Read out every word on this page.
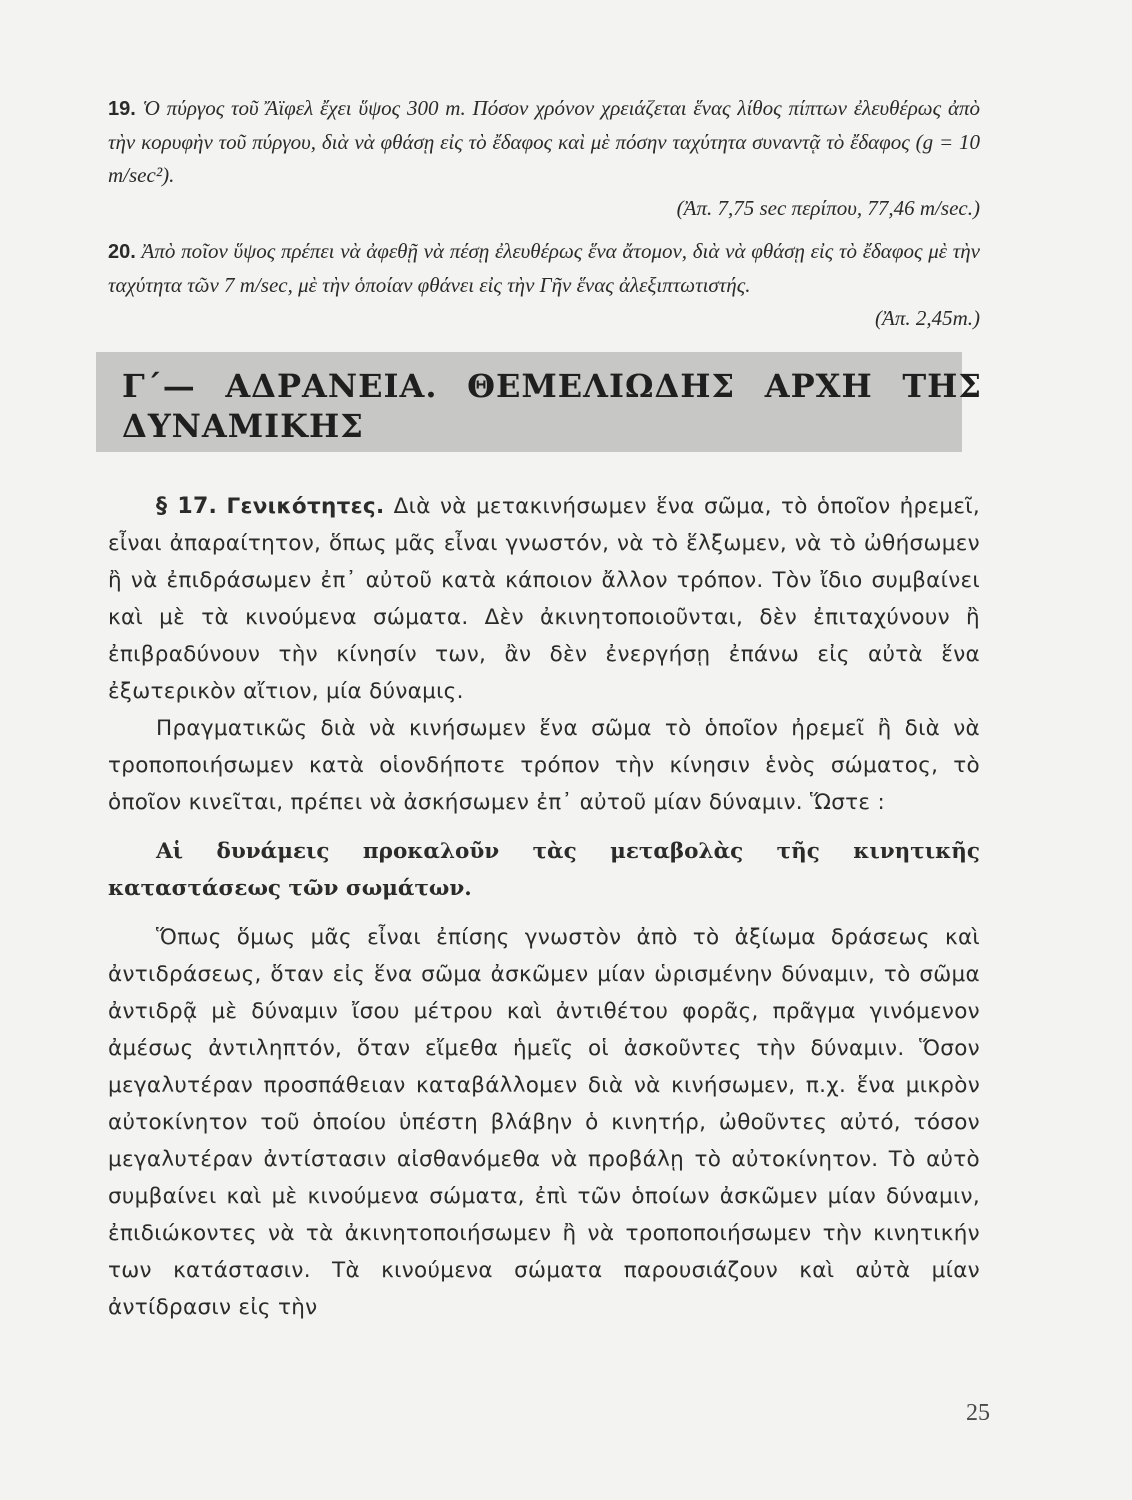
19. Ὁ πύργος τοῦ Ἄϊφελ ἔχει ὕψος 300 m. Πόσον χρόνον χρειάζεται ἕνας λίθος πίπτων ἐλευθέρως ἀπὸ τὴν κορυφὴν τοῦ πύργου, διὰ νὰ φθάσῃ εἰς τὸ ἔδαφος καὶ μὲ πόσην ταχύτητα συναντᾷ τὸ ἔδαφος (g = 10 m/sec²).
(Ἀπ. 7,75 sec περίπου, 77,46 m/sec.)

20. Ἀπὸ ποῖον ὕψος πρέπει νὰ ἀφεθῇ νὰ πέσῃ ἐλευθέρως ἕνα ἄτομον, διὰ νὰ φθάσῃ εἰς τὸ ἔδαφος μὲ τὴν ταχύτητα τῶν 7 m/sec, μὲ τὴν ὁποίαν φθάνει εἰς τὴν Γῆν ἕνας ἀλεξιπτωτιστής.
(Ἀπ. 2,45m.)

Γ΄— ΑΔΡΑΝΕΙΑ. ΘΕΜΕΛΙΩΔΗΣ ΑΡΧΗ ΤΗΣ ΔΥΝΑΜΙΚΗΣ

§ 17. Γενικότητες. Διὰ νὰ μετακινήσωμεν ἕνα σῶμα, τὸ ὁποῖον ἠρεμεῖ, εἶναι ἀπαραίτητον, ὅπως μᾶς εἶναι γνωστόν, νὰ τὸ ἕλξωμεν, νὰ τὸ ὠθήσωμεν ἢ νὰ ἐπιδράσωμεν ἐπ᾿ αὐτοῦ κατὰ κάποιον ἄλλον τρόπον. Τὸν ἴδιο συμβαίνει καὶ μὲ τὰ κινούμενα σώματα. Δὲν ἀκινητοποιοῦνται, δὲν ἐπιταχύνουν ἢ ἐπιβραδύνουν τὴν κίνησίν των, ἂν δὲν ἐνεργήσῃ ἐπάνω εἰς αὐτὰ ἕνα ἐξωτερικὸν αἴτιον, μία δύναμις.

Πραγματικῶς διὰ νὰ κινήσωμεν ἕνα σῶμα τὸ ὁποῖον ἠρεμεῖ ἢ διὰ νὰ τροποποιήσωμεν κατὰ οἱονδήποτε τρόπον τὴν κίνησιν ἑνὸς σώματος, τὸ ὁποῖον κινεῖται, πρέπει νὰ ἀσκήσωμεν ἐπ᾿ αὐτοῦ μίαν δύναμιν. Ὥστε :

Αἱ δυνάμεις προκαλοῦν τὰς μεταβολὰς τῆς κινητικῆς καταστάσεως τῶν σωμάτων.

Ὅπως ὅμως μᾶς εἶναι ἐπίσης γνωστὸν ἀπὸ τὸ ἀξίωμα δράσεως καὶ ἀντιδράσεως, ὅταν εἰς ἕνα σῶμα ἀσκῶμεν μίαν ὡρισμένην δύναμιν, τὸ σῶμα ἀντιδρᾷ μὲ δύναμιν ἴσου μέτρου καὶ ἀντιθέτου φορᾶς, πρᾶγμα γινόμενον ἀμέσως ἀντιληπτόν, ὅταν εἴμεθα ἡμεῖς οἱ ἀσκοῦντες τὴν δύναμιν. Ὅσον μεγαλυτέραν προσπάθειαν καταβάλλομεν διὰ νὰ κινήσωμεν, π.χ. ἕνα μικρὸν αὐτοκίνητον τοῦ ὁποίου ὑπέστη βλάβην ὁ κινητήρ, ὠθοῦντες αὐτό, τόσον μεγαλυτέραν ἀντίστασιν αἰσθανόμεθα νὰ προβάλῃ τὸ αὐτοκίνητον. Τὸ αὐτὸ συμβαίνει καὶ μὲ κινούμενα σώματα, ἐπὶ τῶν ὁποίων ἀσκῶμεν μίαν δύναμιν, ἐπιδιώκοντες νὰ τὰ ἀκινητοποιήσωμεν ἢ νὰ τροποποιήσωμεν τὴν κινητικήν των κατάστασιν. Τὰ κινούμενα σώματα παρουσιάζουν καὶ αὐτὰ μίαν ἀντίδρασιν εἰς τὴν

25
